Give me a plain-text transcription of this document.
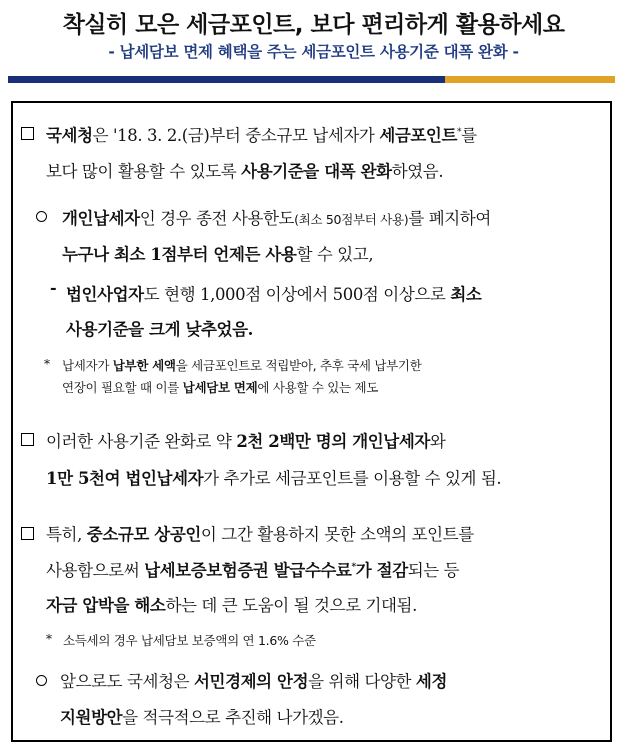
착실히 모은 세금포인트, 보다 편리하게 활용하세요
- 납세담보 면제 혜택을 주는 세금포인트 사용기준 대폭 완화 -
국세청은 '18. 3. 2.(금)부터 중소규모 납세자가 세금포인트*를
보다 많이 활용할 수 있도록 사용기준을 대폭 완화하였음.
개인납세자인 경우 종전 사용한도(최소 50점부터 사용)를 폐지하여
누구나 최소 1점부터 언제든 사용할 수 있고,
- 법인사업자도 현행 1,000점 이상에서 500점 이상으로 최소
사용기준을 크게 낮추었음.
* 납세자가 납부한 세액을 세금포인트로 적립받아, 추후 국세 납부기한
연장이 필요할 때 이를 납세담보 면제에 사용할 수 있는 제도
이러한 사용기준 완화로 약 2천 2백만 명의 개인납세자와
1만 5천여 법인납세자가 추가로 세금포인트를 이용할 수 있게 됨.
특히, 중소규모 상공인이 그간 활용하지 못한 소액의 포인트를
사용함으로써 납세보증보험증권 발급수수료*가 절감되는 등
자금 압박을 해소하는 데 큰 도움이 될 것으로 기대됨.
* 소득세의 경우 납세담보 보증액의 연 1.6% 수준
앞으로도 국세청은 서민경제의 안정을 위해 다양한 세정
지원방안을 적극적으로 추진해 나가겠음.
